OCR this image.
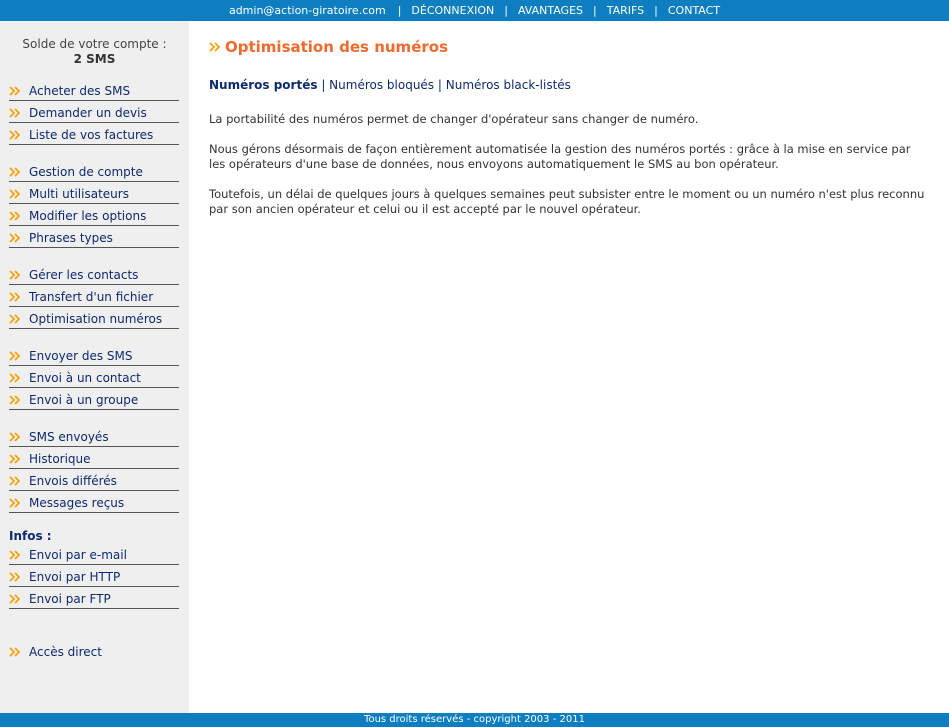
admin@action-giratoire.com | DÉCONNEXION | AVANTAGES | TARIFS | CONTACT
Solde de votre compte :
2 SMS
Acheter des SMS
Demander un devis
Liste de vos factures
Gestion de compte
Multi utilisateurs
Modifier les options
Phrases types
Gérer les contacts
Transfert d'un fichier
Optimisation numéros
Envoyer des SMS
Envoi à un contact
Envoi à un groupe
SMS envoyés
Historique
Envois différés
Messages reçus
Infos :
Envoi par e-mail
Envoi par HTTP
Envoi par FTP
Accès direct
Optimisation des numéros
Numéros portés | Numéros bloqués | Numéros black-listés

La portabilité des numéros permet de changer d'opérateur sans changer de numéro.

Nous gérons désormais de façon entièrement automatisée la gestion des numéros portés : grâce à la mise en service par les opérateurs d'une base de données, nous envoyons automatiquement le SMS au bon opérateur.

Toutefois, un délai de quelques jours à quelques semaines peut subsister entre le moment ou un numéro n'est plus reconnu par son ancien opérateur et celui ou il est accepté par le nouvel opérateur.

Tous droits réservés - copyright 2003 - 2011
